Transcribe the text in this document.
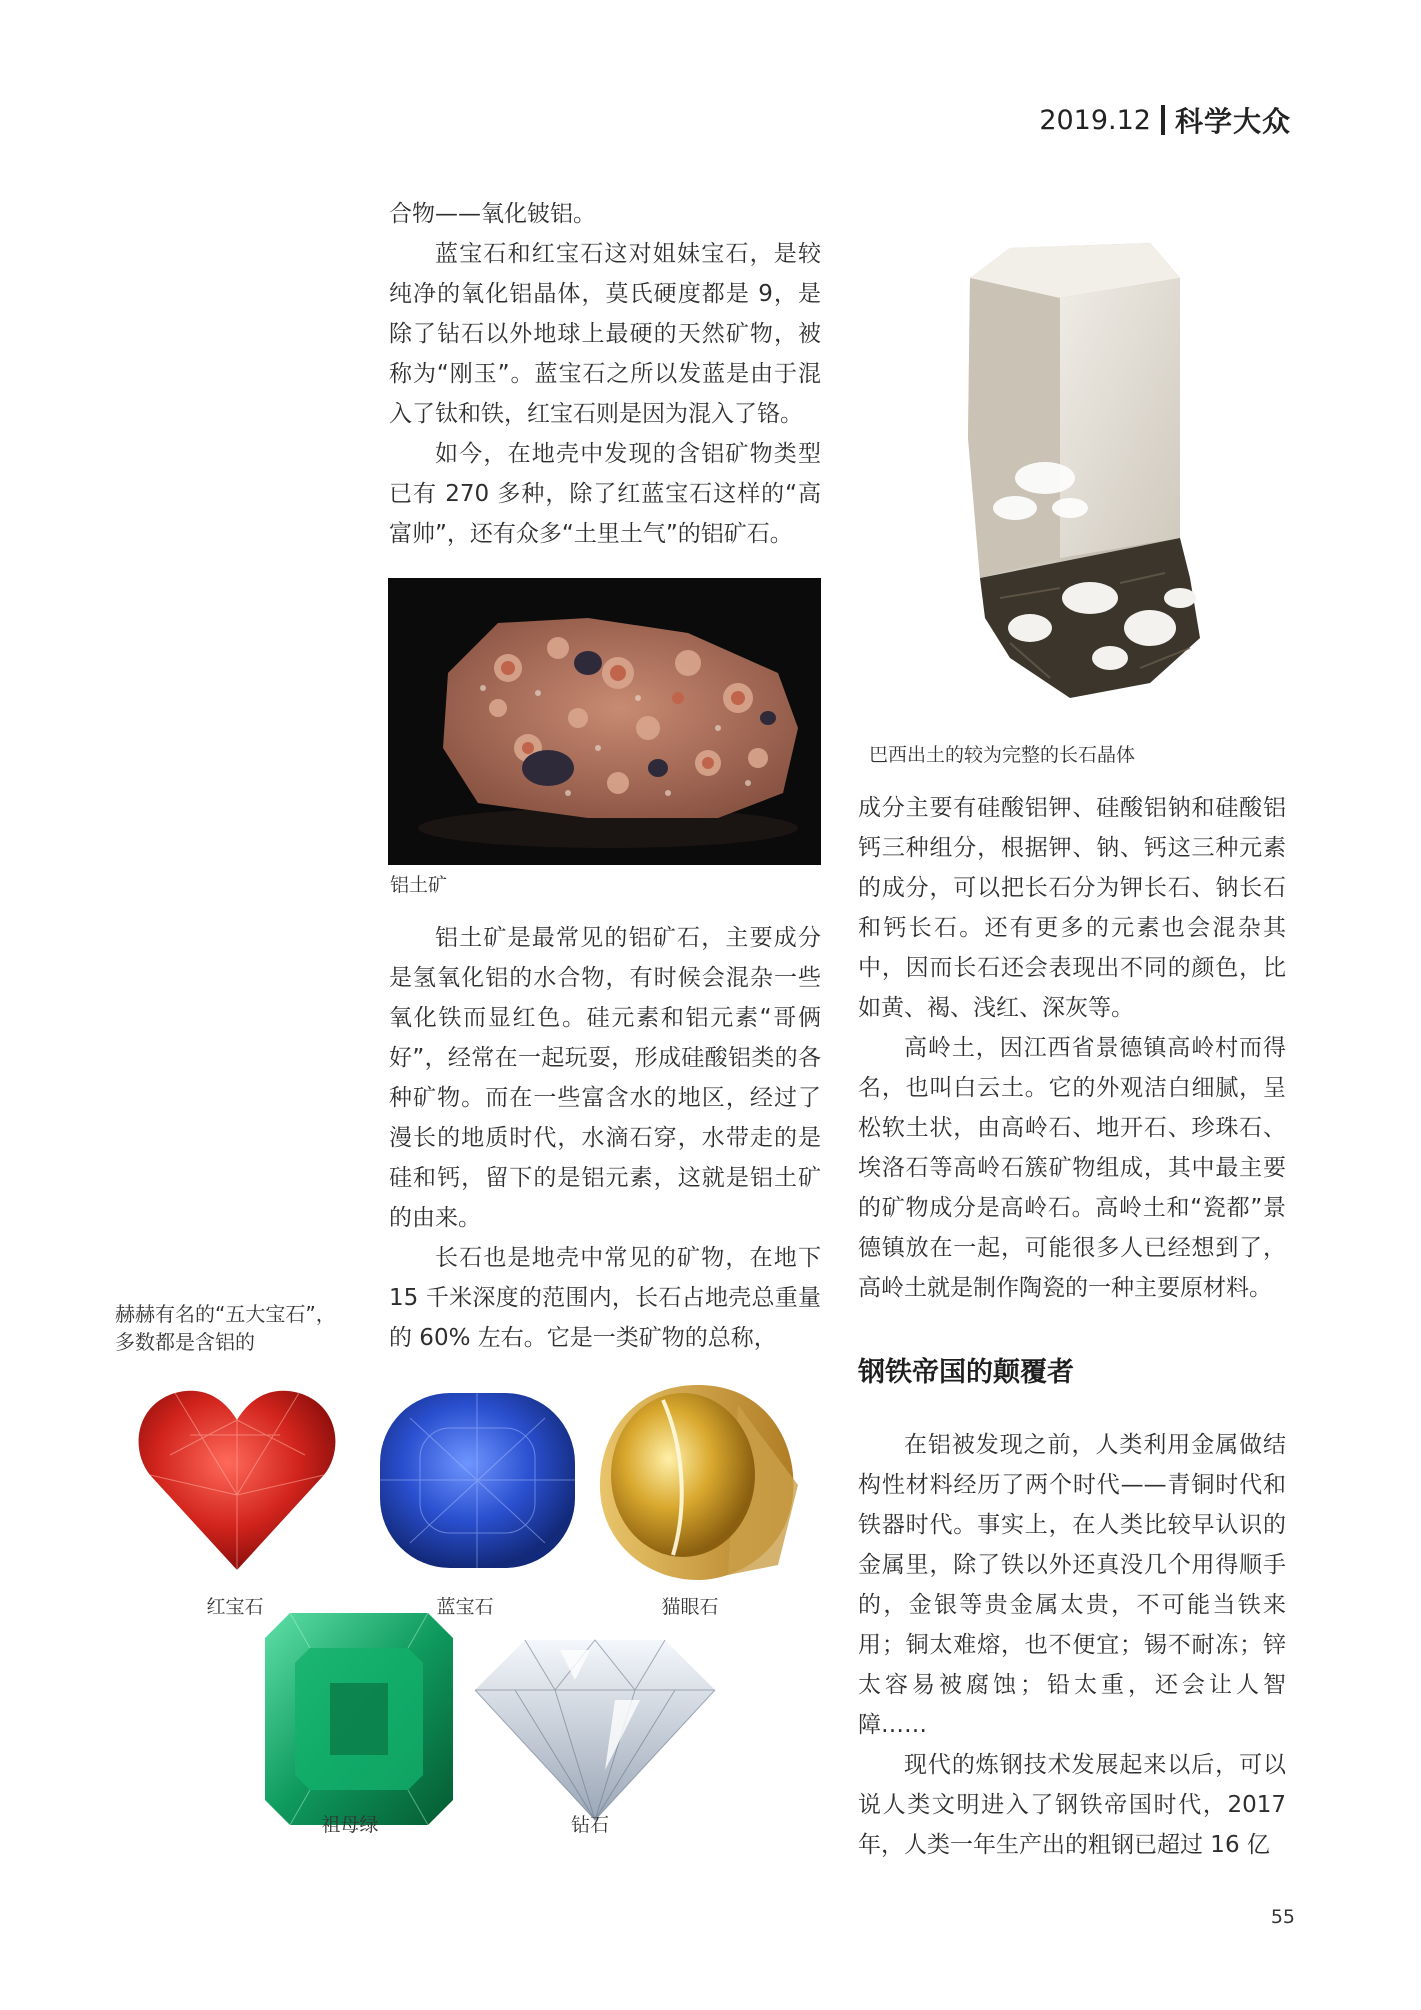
2019.12 科学大众

合物——氧化铍铝。

蓝宝石和红宝石这对姐妹宝石，是较纯净的氧化铝晶体，莫氏硬度都是 9，是除了钻石以外地球上最硬的天然矿物，被称为“刚玉”。蓝宝石之所以发蓝是由于混入了钛和铁，红宝石则是因为混入了铬。

如今，在地壳中发现的含铝矿物类型已有 270 多种，除了红蓝宝石这样的“高富帅”，还有众多“土里土气”的铝矿石。

铝土矿

铝土矿是最常见的铝矿石，主要成分是氢氧化铝的水合物，有时候会混杂一些氧化铁而显红色。硅元素和铝元素“哥俩好”，经常在一起玩耍，形成硅酸铝类的各种矿物。而在一些富含水的地区，经过了漫长的地质时代，水滴石穿，水带走的是硅和钙，留下的是铝元素，这就是铝土矿的由来。

长石也是地壳中常见的矿物，在地下 15 千米深度的范围内，长石占地壳总重量的 60% 左右。它是一类矿物的总称，

巴西出土的较为完整的长石晶体

成分主要有硅酸铝钾、硅酸铝钠和硅酸铝钙三种组分，根据钾、钠、钙这三种元素的成分，可以把长石分为钾长石、钠长石和钙长石。还有更多的元素也会混杂其中，因而长石还会表现出不同的颜色，比如黄、褐、浅红、深灰等。

高岭土，因江西省景德镇高岭村而得名，也叫白云土。它的外观洁白细腻，呈松软土状，由高岭石、地开石、珍珠石、埃洛石等高岭石簇矿物组成，其中最主要的矿物成分是高岭石。高岭土和“瓷都”景德镇放在一起，可能很多人已经想到了，高岭土就是制作陶瓷的一种主要原材料。

钢铁帝国的颠覆者

在铝被发现之前，人类利用金属做结构性材料经历了两个时代——青铜时代和铁器时代。事实上，在人类比较早认识的金属里，除了铁以外还真没几个用得顺手的，金银等贵金属太贵，不可能当铁来用；铜太难熔，也不便宜；锡不耐冻；锌太容易被腐蚀；铅太重，还会让人智障……

现代的炼钢技术发展起来以后，可以说人类文明进入了钢铁帝国时代，2017 年，人类一年生产出的粗钢已超过 16 亿

赫赫有名的“五大宝石”，
多数都是含铝的
红宝石	蓝宝石	猫眼石
祖母绿	钻石
55
